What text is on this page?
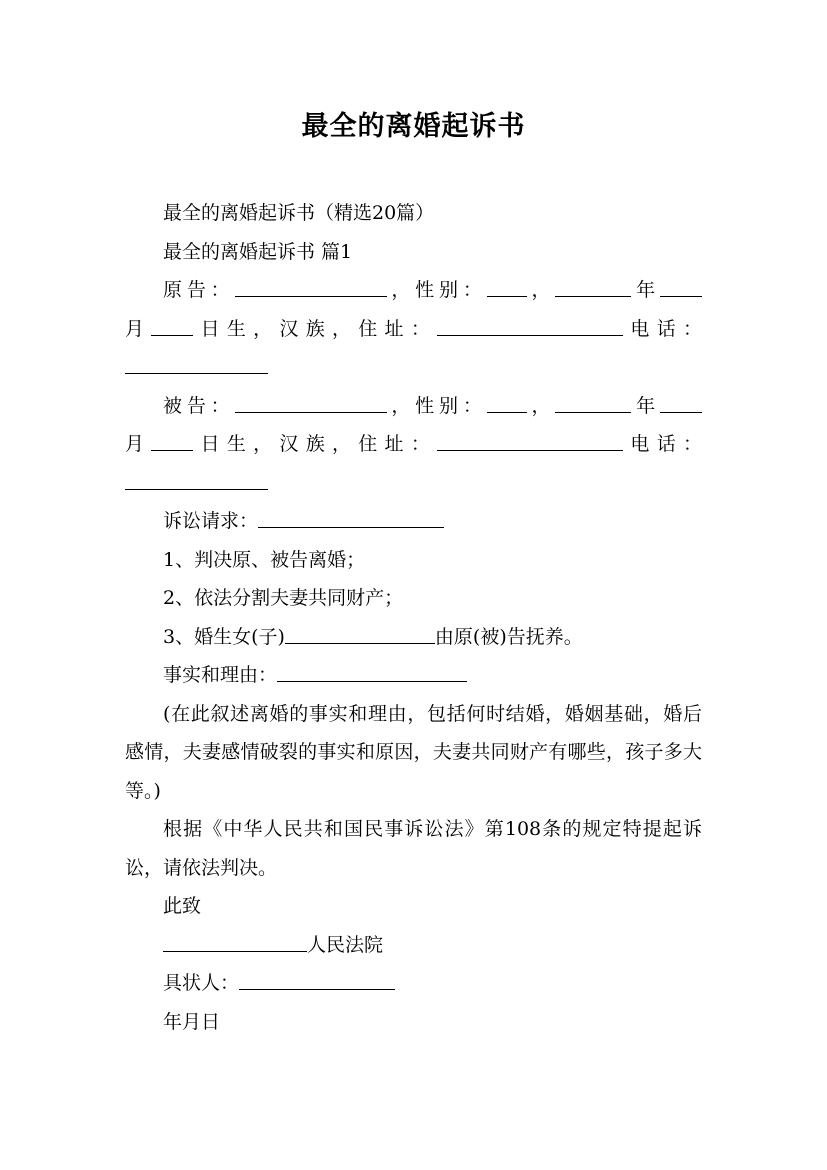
最全的离婚起诉书

最全的离婚起诉书（精选20篇）

最全的离婚起诉书 篇1

原告：	，性别： ，	年

月 日生，汉族，住址：	电话：

被告：	，性别： ，	年

月 日生，汉族，住址：	电话：

诉讼请求：

1、判决原、被告离婚；

2、依法分割夫妻共同财产；

3、婚生女(子)	由原(被)告抚养。

事实和理由：

(在此叙述离婚的事实和理由，包括何时结婚，婚姻基础，婚后感情，夫妻感情破裂的事实和原因，夫妻共同财产有哪些，孩子多大等。)

根据《中华人民共和国民事诉讼法》第108条的规定特提起诉讼，请依法判决。

此致

人民法院

具状人：

年月日
